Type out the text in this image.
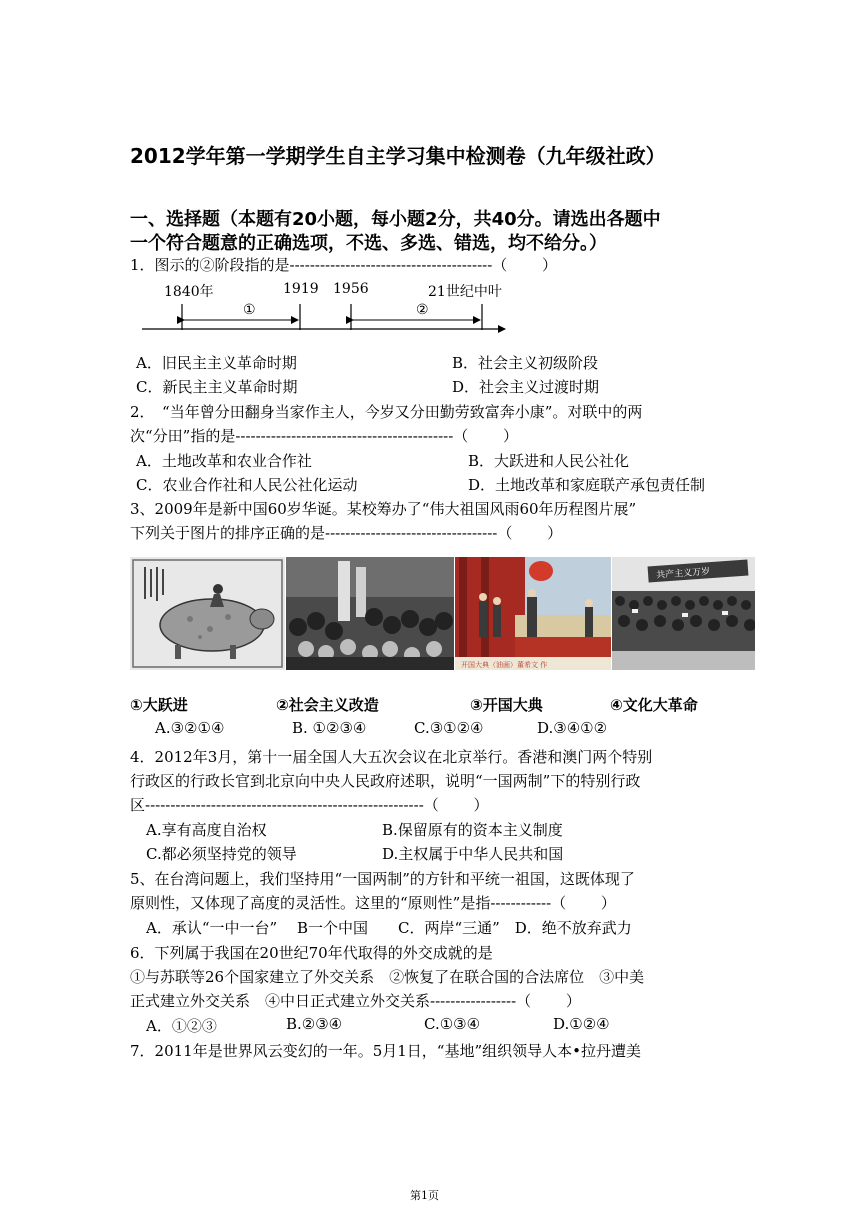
2012学年第一学期学生自主学习集中检测卷（九年级社政）
一、选择题（本题有20小题，每小题2分，共40分。请选出各题中
一个符合题意的正确选项，不选、多选、错选，均不给分。）
1．图示的②阶段指的是----------------------------------------（　　 ）
1840年	1919 1956	21世纪中叶
①	②
A．旧民主主义革命时期	B．社会主义初级阶段
C．新民主主义革命时期	D．社会主义过渡时期
2．　“当年曾分田翻身当家作主人，今岁又分田勤劳致富奔小康”。对联中的两
次“分田”指的是-------------------------------------------（　　 ）
A．土地改革和农业合作社	B．大跃进和人民公社化
C．农业合作社和人民公社化运动	D．土地改革和家庭联产承包责任制
3、2009年是新中国60岁华诞。某校筹办了“伟大祖国风雨60年历程图片展”
下列关于图片的排序正确的是----------------------------------（　　 ）
开国大典（油画）董希文 作
共产主义万岁
①大跃进	②社会主义改造	③开国大典	④文化大革命
A.③②①④	B. ①②③④	C.③①②④	D.③④①②
4．2012年3月，第十一届全国人大五次会议在北京举行。香港和澳门两个特别
行政区的行政长官到北京向中央人民政府述职，说明“一国两制”下的特别行政
区-------------------------------------------------------（　　 ）
A.享有高度自治权	B.保留原有的资本主义制度
C.都必须坚持党的领导	D.主权属于中华人民共和国
5、在台湾问题上，我们坚持用“一国两制”的方针和平统一祖国，这既体现了
原则性，又体现了高度的灵活性。这里的“原则性”是指------------（　　 ）
A．承认“一中一台”　 B一个中国　　C．两岸“三通”　D．绝不放弃武力
6．下列属于我国在20世纪70年代取得的外交成就的是
①与苏联等26个国家建立了外交关系　②恢复了在联合国的合法席位　③中美
正式建立外交关系　④中日正式建立外交关系-----------------（　　 ）
A．①②③	B.②③④	C.①③④	D.①②④
7．2011年是世界风云变幻的一年。5月1日，“基地”组织领导人本•拉丹遭美
第1页
